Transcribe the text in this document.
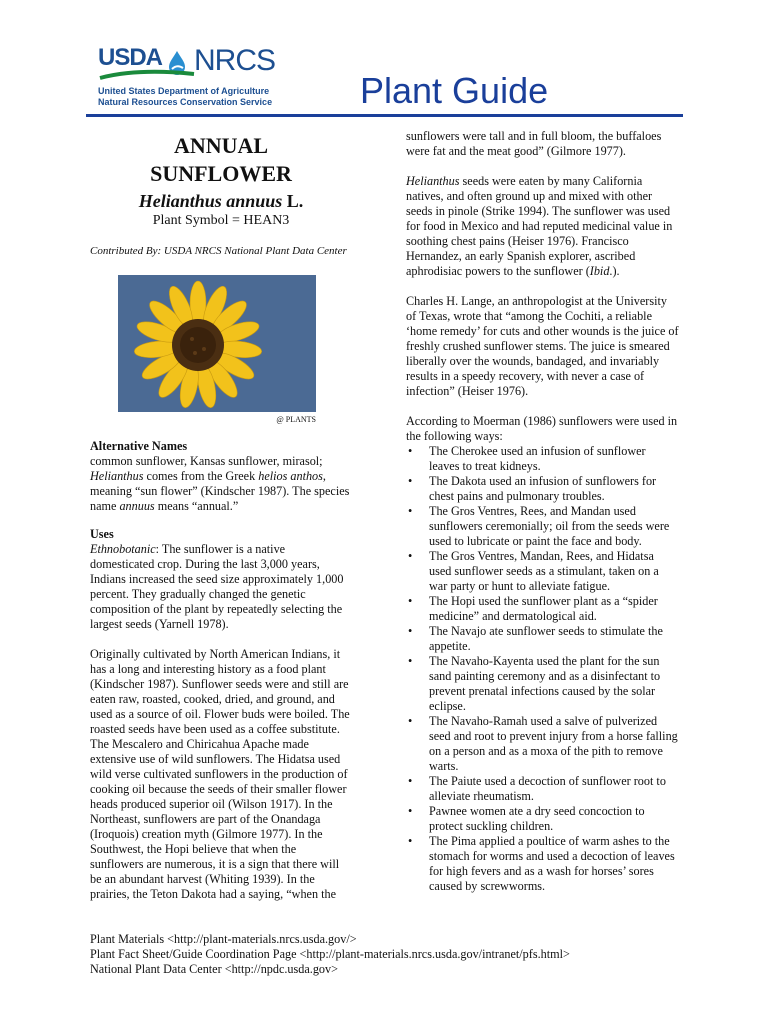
USDA NRCS
United States Department of Agriculture
Natural Resources Conservation Service Plant Guide
ANNUAL
SUNFLOWER
Helianthus annuus L.
Plant Symbol = HEAN3
Contributed By: USDA NRCS National Plant Data Center
@ PLANTS
Alternative Names

common sunflower, Kansas sunflower, mirasol; Helianthus comes from the Greek helios anthos, meaning “sun flower” (Kindscher 1987). The species name annuus means “annual.”

Uses

Ethnobotanic: The sunflower is a native domesticated crop. During the last 3,000 years, Indians increased the seed size approximately 1,000 percent. They gradually changed the genetic composition of the plant by repeatedly selecting the largest seeds (Yarnell 1978).

Originally cultivated by North American Indians, it has a long and interesting history as a food plant (Kindscher 1987). Sunflower seeds were and still are eaten raw, roasted, cooked, dried, and ground, and used as a source of oil. Flower buds were boiled. The roasted seeds have been used as a coffee substitute. The Mescalero and Chiricahua Apache made extensive use of wild sunflowers. The Hidatsa used wild verse cultivated sunflowers in the production of cooking oil because the seeds of their smaller flower heads produced superior oil (Wilson 1917). In the Northeast, sunflowers are part of the Onandaga (Iroquois) creation myth (Gilmore 1977). In the Southwest, the Hopi believe that when the sunflowers are numerous, it is a sign that there will be an abundant harvest (Whiting 1939). In the prairies, the Teton Dakota had a saying, “when the

sunflowers were tall and in full bloom, the buffaloes were fat and the meat good” (Gilmore 1977).

Helianthus seeds were eaten by many California natives, and often ground up and mixed with other seeds in pinole (Strike 1994). The sunflower was used for food in Mexico and had reputed medicinal value in soothing chest pains (Heiser 1976). Francisco Hernandez, an early Spanish explorer, ascribed aphrodisiac powers to the sunflower (Ibid.).

Charles H. Lange, an anthropologist at the University of Texas, wrote that “among the Cochiti, a reliable ‘home remedy’ for cuts and other wounds is the juice of freshly crushed sunflower stems. The juice is smeared liberally over the wounds, bandaged, and invariably results in a speedy recovery, with never a case of infection” (Heiser 1976).

According to Moerman (1986) sunflowers were used in the following ways:

• The Cherokee used an infusion of sunflower leaves to treat kidneys.
• The Dakota used an infusion of sunflowers for chest pains and pulmonary troubles.
• The Gros Ventres, Rees, and Mandan used sunflowers ceremonially; oil from the seeds were used to lubricate or paint the face and body.
• The Gros Ventres, Mandan, Rees, and Hidatsa used sunflower seeds as a stimulant, taken on a war party or hunt to alleviate fatigue.
• The Hopi used the sunflower plant as a “spider medicine” and dermatological aid.
• The Navajo ate sunflower seeds to stimulate the appetite.
• The Navaho-Kayenta used the plant for the sun sand painting ceremony and as a disinfectant to prevent prenatal infections caused by the solar eclipse.
• The Navaho-Ramah used a salve of pulverized seed and root to prevent injury from a horse falling on a person and as a moxa of the pith to remove warts.
• The Paiute used a decoction of sunflower root to alleviate rheumatism.
• Pawnee women ate a dry seed concoction to protect suckling children.
• The Pima applied a poultice of warm ashes to the stomach for worms and used a decoction of leaves for high fevers and as a wash for horses’ sores caused by screwworms.
Plant Materials <http://plant-materials.nrcs.usda.gov/>
Plant Fact Sheet/Guide Coordination Page <http://plant-materials.nrcs.usda.gov/intranet/pfs.html>
National Plant Data Center <http://npdc.usda.gov>
